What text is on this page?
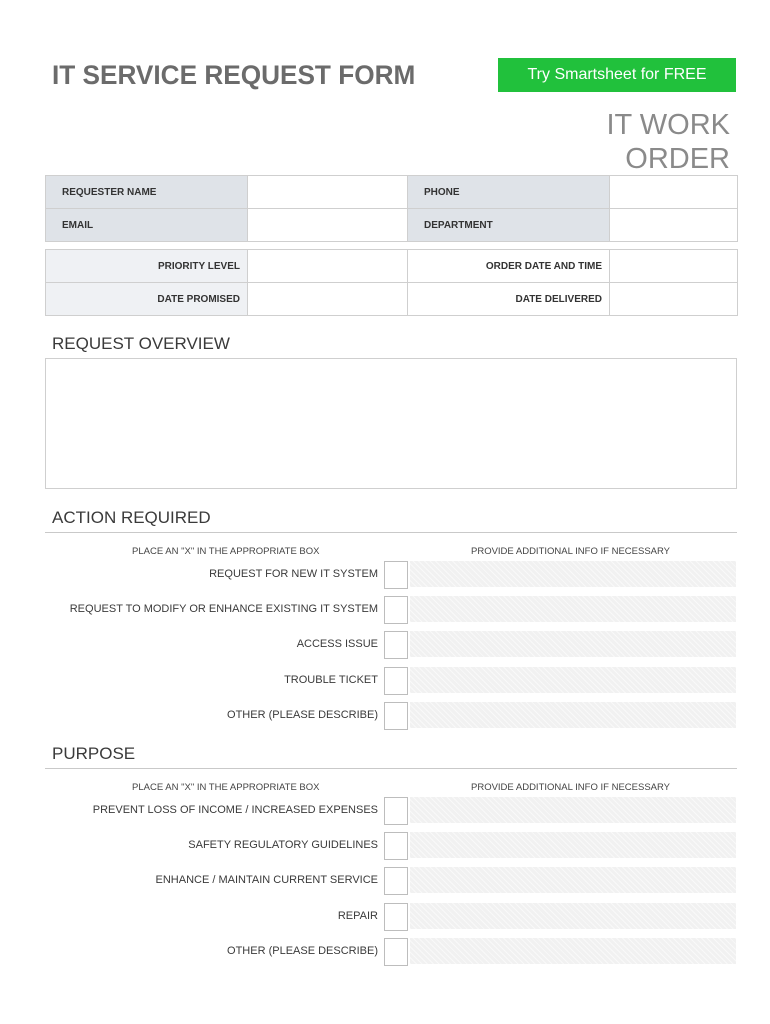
IT SERVICE REQUEST FORM	Try Smartsheet for FREE
IT WORK
ORDER
REQUESTER NAME		PHONE	
EMAIL		DEPARTMENT	
PRIORITY LEVEL		ORDER DATE AND TIME	
DATE PROMISED		DATE DELIVERED	
REQUEST OVERVIEW
ACTION REQUIRED
PLACE AN "X" IN THE APPROPRIATE BOX	PROVIDE ADDITIONAL INFO IF NECESSARY
REQUEST FOR NEW IT SYSTEM
REQUEST TO MODIFY OR ENHANCE EXISTING IT SYSTEM
ACCESS ISSUE
TROUBLE TICKET
OTHER (PLEASE DESCRIBE)
PURPOSE
PLACE AN "X" IN THE APPROPRIATE BOX	PROVIDE ADDITIONAL INFO IF NECESSARY
PREVENT LOSS OF INCOME / INCREASED EXPENSES
SAFETY REGULATORY GUIDELINES
ENHANCE / MAINTAIN CURRENT SERVICE
REPAIR
OTHER (PLEASE DESCRIBE)
